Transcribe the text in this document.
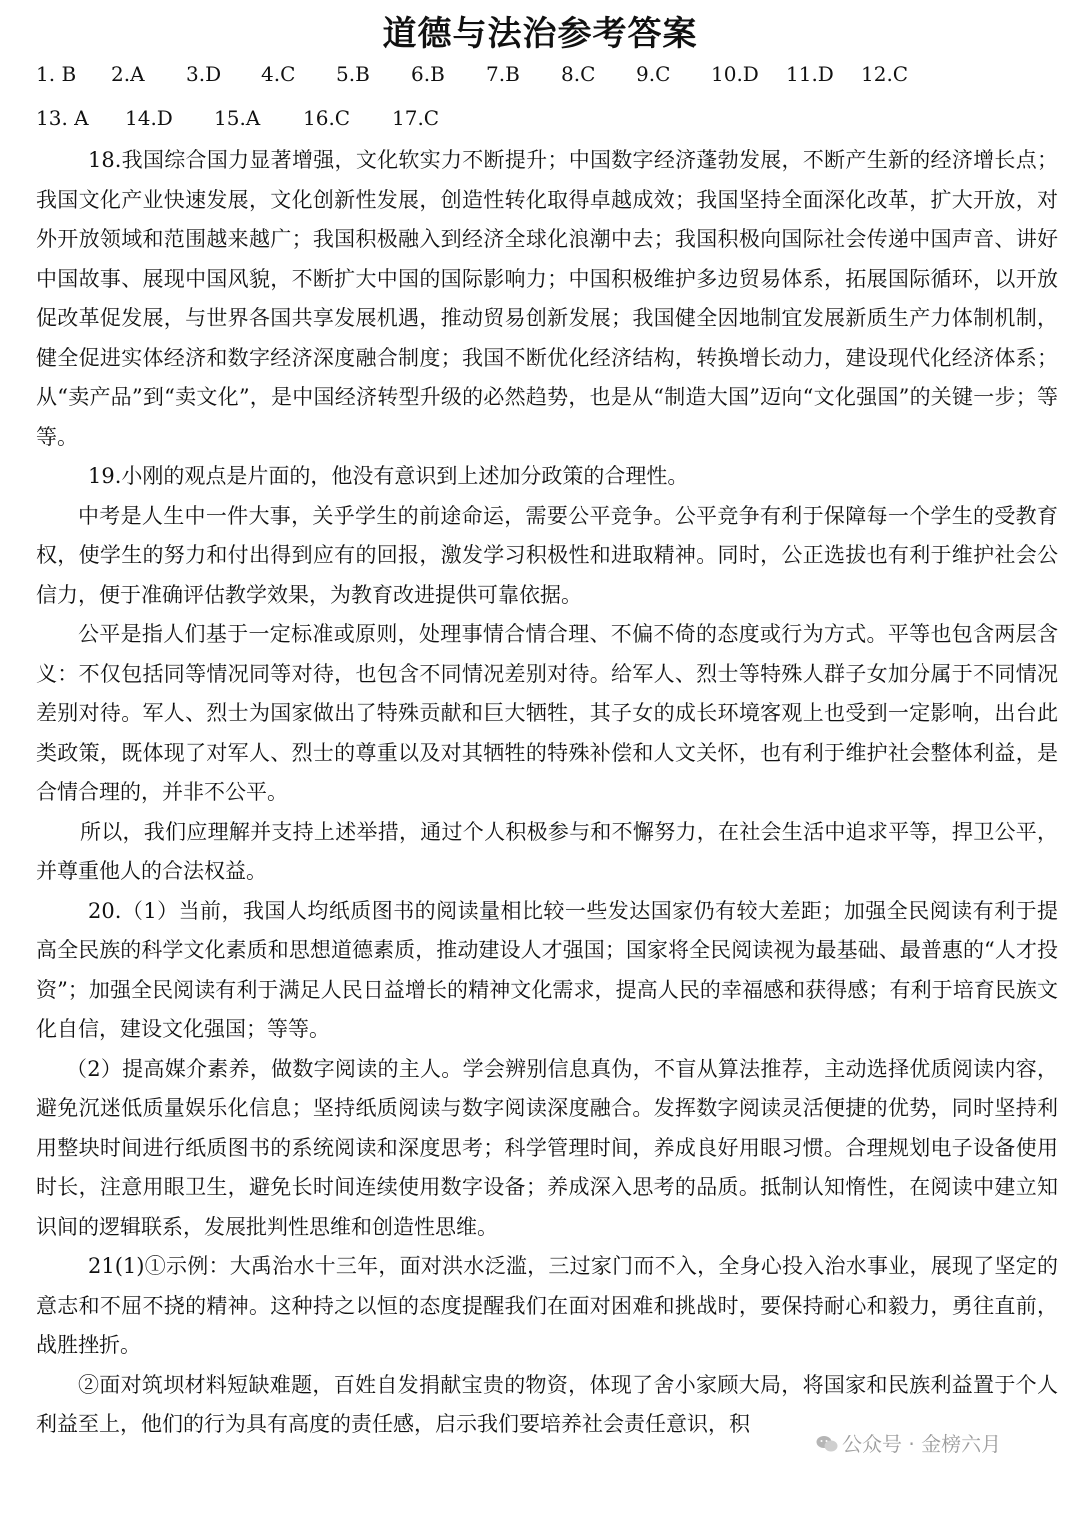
道德与法治参考答案
1. B 2.A 3.D 4.C 5.B 6.B 7.B 8.C 9.C 10.D 11.D 12.C
13. A 14.D 15.A 16.C 17.C

18.我国综合国力显著增强，文化软实力不断提升；中国数字经济蓬勃发展，不断产生新的经济增长点；我国文化产业快速发展，文化创新性发展，创造性转化取得卓越成效；我国坚持全面深化改革，扩大开放，对外开放领域和范围越来越广；我国积极融入到经济全球化浪潮中去；我国积极向国际社会传递中国声音、讲好中国故事、展现中国风貌，不断扩大中国的国际影响力；中国积极维护多边贸易体系，拓展国际循环，以开放促改革促发展，与世界各国共享发展机遇，推动贸易创新发展；我国健全因地制宜发展新质生产力体制机制，健全促进实体经济和数字经济深度融合制度；我国不断优化经济结构，转换增长动力，建设现代化经济体系；从“卖产品”到“卖文化”，是中国经济转型升级的必然趋势，也是从“制造大国”迈向“文化强国”的关键一步；等等。

19.小刚的观点是片面的，他没有意识到上述加分政策的合理性。

中考是人生中一件大事，关乎学生的前途命运，需要公平竞争。公平竞争有利于保障每一个学生的受教育权，使学生的努力和付出得到应有的回报，激发学习积极性和进取精神。同时，公正选拔也有利于维护社会公信力，便于准确评估教学效果，为教育改进提供可靠依据。

公平是指人们基于一定标准或原则，处理事情合情合理、不偏不倚的态度或行为方式。平等也包含两层含义：不仅包括同等情况同等对待，也包含不同情况差别对待。给军人、烈士等特殊人群子女加分属于不同情况差别对待。军人、烈士为国家做出了特殊贡献和巨大牺牲，其子女的成长环境客观上也受到一定影响，出台此类政策，既体现了对军人、烈士的尊重以及对其牺牲的特殊补偿和人文关怀，也有利于维护社会整体利益，是合情合理的，并非不公平。

所以，我们应理解并支持上述举措，通过个人积极参与和不懈努力，在社会生活中追求平等，捍卫公平，并尊重他人的合法权益。

20.（1）当前，我国人均纸质图书的阅读量相比较一些发达国家仍有较大差距；加强全民阅读有利于提高全民族的科学文化素质和思想道德素质，推动建设人才强国；国家将全民阅读视为最基础、最普惠的“人才投资”；加强全民阅读有利于满足人民日益增长的精神文化需求，提高人民的幸福感和获得感；有利于培育民族文化自信，建设文化强国；等等。

（2）提高媒介素养，做数字阅读的主人。学会辨别信息真伪，不盲从算法推荐，主动选择优质阅读内容，避免沉迷低质量娱乐化信息；坚持纸质阅读与数字阅读深度融合。发挥数字阅读灵活便捷的优势，同时坚持利用整块时间进行纸质图书的系统阅读和深度思考；科学管理时间，养成良好用眼习惯。合理规划电子设备使用时长，注意用眼卫生，避免长时间连续使用数字设备；养成深入思考的品质。抵制认知惰性，在阅读中建立知识间的逻辑联系，发展批判性思维和创造性思维。

21(1)①示例：大禹治水十三年，面对洪水泛滥，三过家门而不入，全身心投入治水事业，展现了坚定的意志和不屈不挠的精神。这种持之以恒的态度提醒我们在面对困难和挑战时，要保持耐心和毅力，勇往直前，战胜挫折。

②面对筑坝材料短缺难题，百姓自发捐献宝贵的物资，体现了舍小家顾大局，将国家和民族利益置于个人利益至上，他们的行为具有高度的责任感，启示我们要培养社会责任意识，积

公众号 · 金榜六月
